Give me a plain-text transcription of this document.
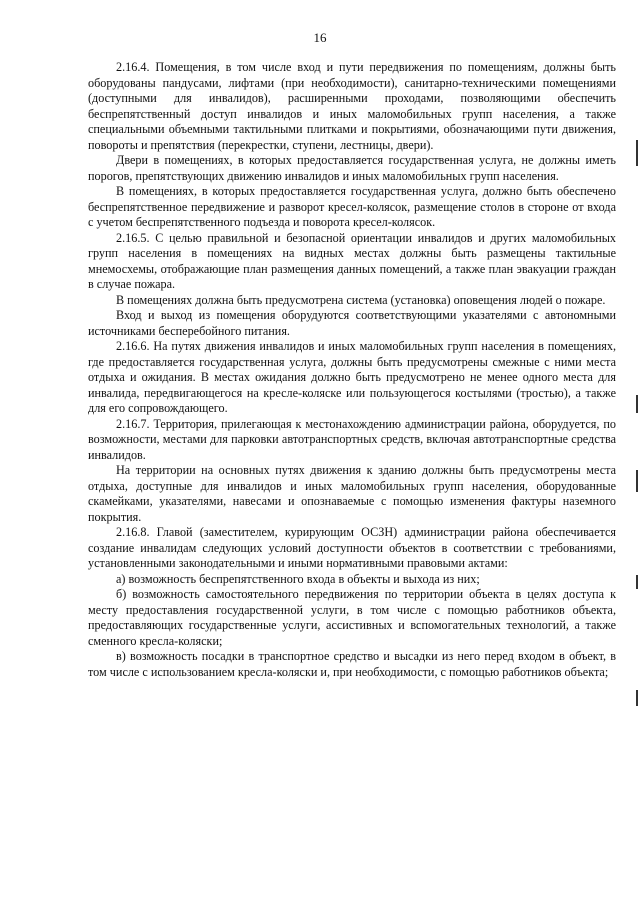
16

2.16.4. Помещения, в том числе вход и пути передвижения по помещениям, должны быть оборудованы пандусами, лифтами (при необходимости), санитарно-техническими помещениями (доступными для инвалидов), расширенными проходами, позволяющими обеспечить беспрепятственный доступ инвалидов и иных маломобильных групп населения, а также специальными объемными тактильными плитками и покрытиями, обозначающими пути движения, повороты и препятствия (перекрестки, ступени, лестницы, двери).

Двери в помещениях, в которых предоставляется государственная услуга, не должны иметь порогов, препятствующих движению инвалидов и иных маломобильных групп населения.

В помещениях, в которых предоставляется государственная услуга, должно быть обеспечено беспрепятственное передвижение и разворот кресел-колясок, размещение столов в стороне от входа с учетом беспрепятственного подъезда и поворота кресел-колясок.

2.16.5. С целью правильной и безопасной ориентации инвалидов и других маломобильных групп населения в помещениях на видных местах должны быть размещены тактильные мнемосхемы, отображающие план размещения данных помещений, а также план эвакуации граждан в случае пожара.

В помещениях должна быть предусмотрена система (установка) оповещения людей о пожаре.

Вход и выход из помещения оборудуются соответствующими указателями с автономными источниками бесперебойного питания.

2.16.6. На путях движения инвалидов и иных маломобильных групп населения в помещениях, где предоставляется государственная услуга, должны быть предусмотрены смежные с ними места отдыха и ожидания. В местах ожидания должно быть предусмотрено не менее одного места для инвалида, передвигающегося на кресле-коляске или пользующегося костылями (тростью), а также для его сопровождающего.

2.16.7. Территория, прилегающая к местонахождению администрации района, оборудуется, по возможности, местами для парковки автотранспортных средств, включая автотранспортные средства инвалидов.

На территории на основных путях движения к зданию должны быть предусмотрены места отдыха, доступные для инвалидов и иных маломобильных групп населения, оборудованные скамейками, указателями, навесами и опознаваемые с помощью изменения фактуры наземного покрытия.

2.16.8. Главой (заместителем, курирующим ОСЗН) администрации района обеспечивается создание инвалидам следующих условий доступности объектов в соответствии с требованиями, установленными законодательными и иными нормативными правовыми актами:

а) возможность беспрепятственного входа в объекты и выхода из них;

б) возможность самостоятельного передвижения по территории объекта в целях доступа к месту предоставления государственной услуги, в том числе с помощью работников объекта, предоставляющих государственные услуги, ассистивных и вспомогательных технологий, а также сменного кресла-коляски;

в) возможность посадки в транспортное средство и высадки из него перед входом в объект, в том числе с использованием кресла-коляски и, при необходимости, с помощью работников объекта;
